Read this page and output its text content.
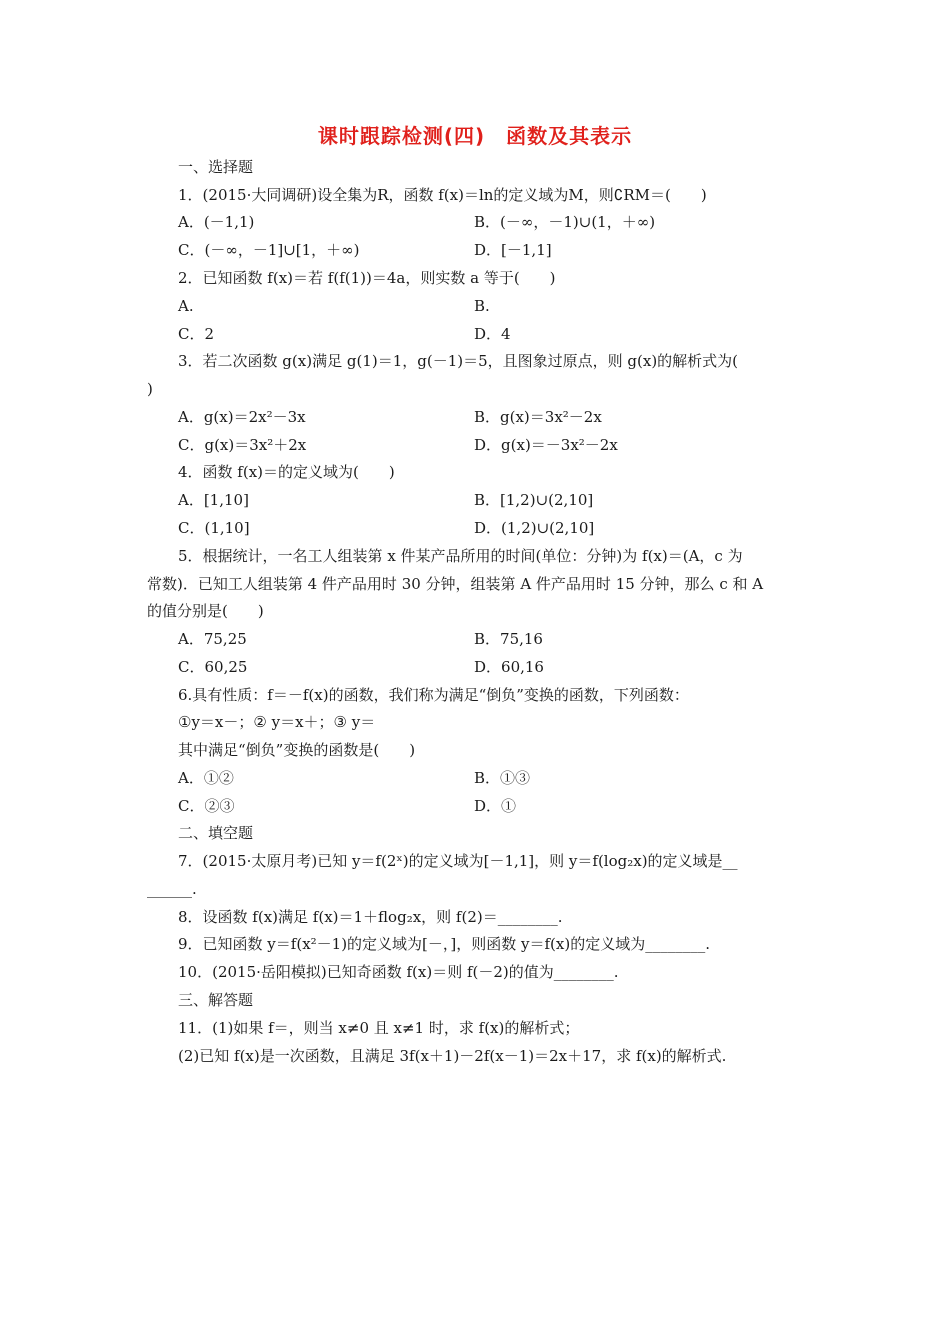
课时跟踪检测(四)　函数及其表示
一、选择题
1．(2015·大同调研)设全集为R，函数 f(x)＝ln的定义域为M，则∁RM＝(　　)
A．(－1,1)	B．(－∞，－1)∪(1，＋∞)
C．(－∞，－1]∪[1，＋∞)	D．[－1,1]
2．已知函数 f(x)＝若 f(f(1))＝4a，则实数 a 等于(　　)
A.	B.
C．2	D．4
3．若二次函数 g(x)满足 g(1)＝1，g(－1)＝5，且图象过原点，则 g(x)的解析式为(
)
A．g(x)＝2x²－3x	B．g(x)＝3x²－2x
C．g(x)＝3x²＋2x	D．g(x)＝－3x²－2x
4．函数 f(x)＝的定义域为(　　)
A．[1,10]	B．[1,2)∪(2,10]
C．(1,10]	D．(1,2)∪(2,10]
5．根据统计，一名工人组装第 x 件某产品所用的时间(单位：分钟)为 f(x)＝(A，c 为
常数)．已知工人组装第 4 件产品用时 30 分钟，组装第 A 件产品用时 15 分钟，那么 c 和 A
的值分别是(　　)
A．75,25	B．75,16
C．60,25	D．60,16
6.具有性质：f＝－f(x)的函数，我们称为满足“倒负”变换的函数，下列函数：
①y＝x－；② y＝x＋；③ y＝
其中满足“倒负”变换的函数是(　　)
A．①②	B．①③
C．②③	D．①
二、填空题
7．(2015·太原月考)已知 y＝f(2ˣ)的定义域为[－1,1]，则 y＝f(log₂x)的定义域是__
______.
8．设函数 f(x)满足 f(x)＝1＋flog₂x，则 f(2)＝________.
9．已知函数 y＝f(x²－1)的定义域为[－，]，则函数 y＝f(x)的定义域为________.
10．(2015·岳阳模拟)已知奇函数 f(x)＝则 f(－2)的值为________.
三、解答题
11．(1)如果 f＝，则当 x≠0 且 x≠1 时，求 f(x)的解析式；
(2)已知 f(x)是一次函数，且满足 3f(x＋1)－2f(x－1)＝2x＋17，求 f(x)的解析式.
